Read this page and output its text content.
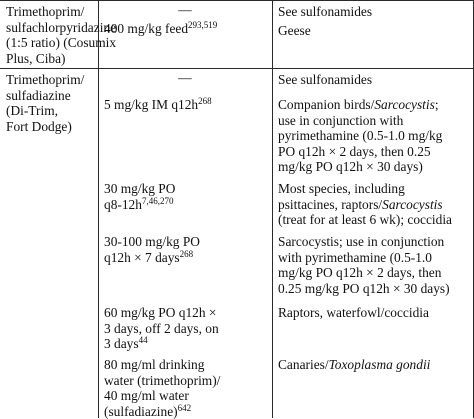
Trimethoprim/
sulfachlorpyridazine
(1:5 ratio) (Cosumix
Plus, Ciba)
—
400 mg/kg feed$^{293,519}$
See sulfonamides
Geese
Trimethoprim/
sulfadiazine
(Di-Trim,
Fort Dodge)
—
5 mg/kg IM $q12h^{268}$
30 mg/kg PO
$q8-12h^{7,46,270}$
30-100 mg/kg PO
q12h × 7 days$^{268}$
60 mg/kg PO q12h ×
3 days, off 2 days, on
3 days$^{44}$
80 mg/ml drinking
water (trimethoprim)/
40 mg/ml water
(sulfadiazine)$^{642}$
See sulfonamides
Companion birds/Sarcocystis;
use in conjunction with
pyrimethamine (0.5-1.0 mg/kg
PO q12h × 2 days, then 0.25
mg/kg PO q12h × 30 days)
Most species, including
psittacines, raptors/Sarcocystis
(treat for at least 6 wk); coccidia
Sarcocystis; use in conjunction
with pyrimethamine (0.5-1.0
mg/kg PO q12h × 2 days, then
0.25 mg/kg PO q12h × 30 days)
Raptors, waterfowl/coccidia
Canaries/Toxoplasma gondii
